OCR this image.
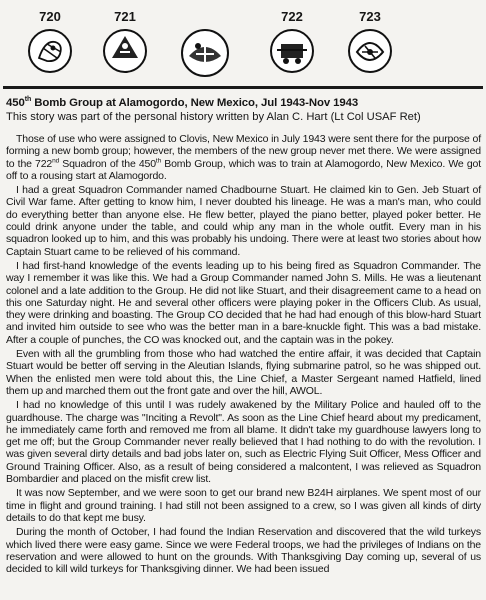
720	721	722	723
450th Bomb Group at Alamogordo, New Mexico, Jul 1943-Nov 1943
This story was part of the personal history written by Alan C. Hart (Lt Col USAF Ret)

Those of use who were assigned to Clovis, New Mexico in July 1943 were sent there for the purpose of forming a new bomb group; however, the members of the new group never met there. We were assigned to the 722nd Squadron of the 450th Bomb Group, which was to train at Alamogordo, New Mexico. We got off to a rousing start at Alamogordo.

I had a great Squadron Commander named Chadbourne Stuart. He claimed kin to Gen. Jeb Stuart of Civil War fame. After getting to know him, I never doubted his lineage. He was a man's man, who could do everything better than anyone else. He flew better, played the piano better, played poker better. He could drink anyone under the table, and could whip any man in the whole outfit. Every man in his squadron looked up to him, and this was probably his undoing. There were at least two stories about how Captain Stuart came to be relieved of his command.

I had first-hand knowledge of the events leading up to his being fired as Squadron Commander. The way I remember it was like this. We had a Group Commander named John S. Mills. He was a lieutenant colonel and a late addition to the Group. He did not like Stuart, and their disagreement came to a head on this one Saturday night. He and several other officers were playing poker in the Officers Club. As usual, they were drinking and boasting. The Group CO decided that he had had enough of this blow-hard Stuart and invited him outside to see who was the better man in a bare-knuckle fight. This was a bad mistake. After a couple of punches, the CO was knocked out, and the captain was in the pokey.

Even with all the grumbling from those who had watched the entire affair, it was decided that Captain Stuart would be better off serving in the Aleutian Islands, flying submarine patrol, so he was shipped out. When the enlisted men were told about this, the Line Chief, a Master Sergeant named Hatfield, lined them up and marched them out the front gate and over the hill, AWOL.

I had no knowledge of this until I was rudely awakened by the Military Police and hauled off to the guardhouse. The charge was "Inciting a Revolt". As soon as the Line Chief heard about my predicament, he immediately came forth and removed me from all blame. It didn't take my guardhouse lawyers long to get me off; but the Group Commander never really believed that I had nothing to do with the revolution. I was given several dirty details and bad jobs later on, such as Electric Flying Suit Officer, Mess Officer and Ground Training Officer. Also, as a result of being considered a malcontent, I was relieved as Squadron Bombardier and placed on the misfit crew list.

It was now September, and we were soon to get our brand new B24H airplanes. We spent most of our time in flight and ground training. I had still not been assigned to a crew, so I was given all kinds of dirty details to do that kept me busy.

During the month of October, I had found the Indian Reservation and discovered that the wild turkeys which lived there were easy game. Since we were Federal troops, we had the privileges of Indians on the reservation and were allowed to hunt on the grounds. With Thanksgiving Day coming up, several of us decided to kill wild turkeys for Thanksgiving dinner. We had been issued
